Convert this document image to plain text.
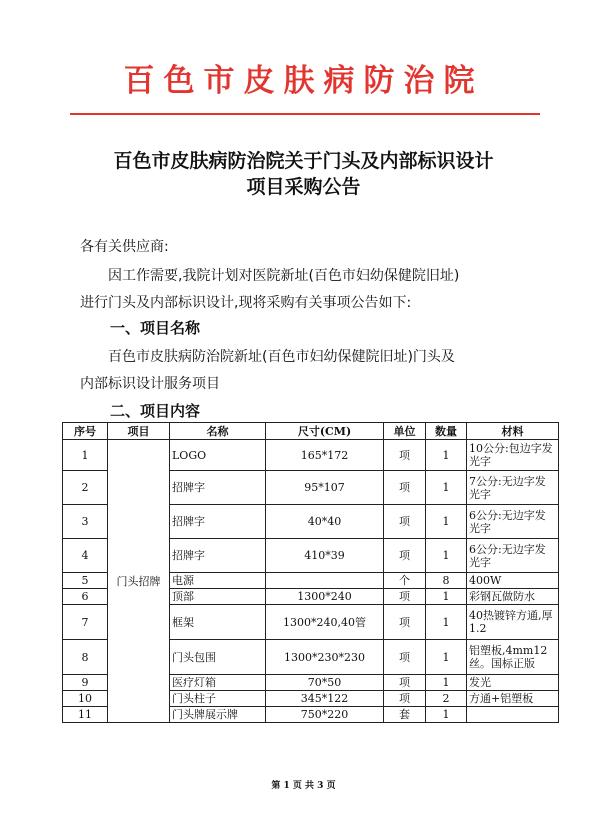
百色市皮肤病防治院
百色市皮肤病防治院关于门头及内部标识设计
项目采购公告
各有关供应商:
因工作需要,我院计划对医院新址(百色市妇幼保健院旧址)
进行门头及内部标识设计,现将采购有关事项公告如下:
一、项目名称
百色市皮肤病防治院新址(百色市妇幼保健院旧址)门头及
内部标识设计服务项目
二、项目内容
序号	项目	名称	尺寸(CM)	单位	数量	材料
1	门头招牌	LOGO	165*172	项	1	10公分:包边字发光字
2		招牌字	95*107	项	1	7公分:无边字发光字
3		招牌字	40*40	项	1	6公分:无边字发光字
4		招牌字	410*39	项	1	6公分:无边字发光字
5		电源		个	8	400W
6		顶部	1300*240	项	1	彩钢瓦做防水
7		框架	1300*240,40管	项	1	40热镀锌方通,厚1.2
8		门头包围	1300*230*230	项	1	铝塑板,4mm12丝。国标正版
9		医疗灯箱	70*50	项	1	发光
10		门头柱子	345*122	项	2	方通+铝塑板
11		门头牌展示牌	750*220	套	1	
第 1 页 共 3 页
